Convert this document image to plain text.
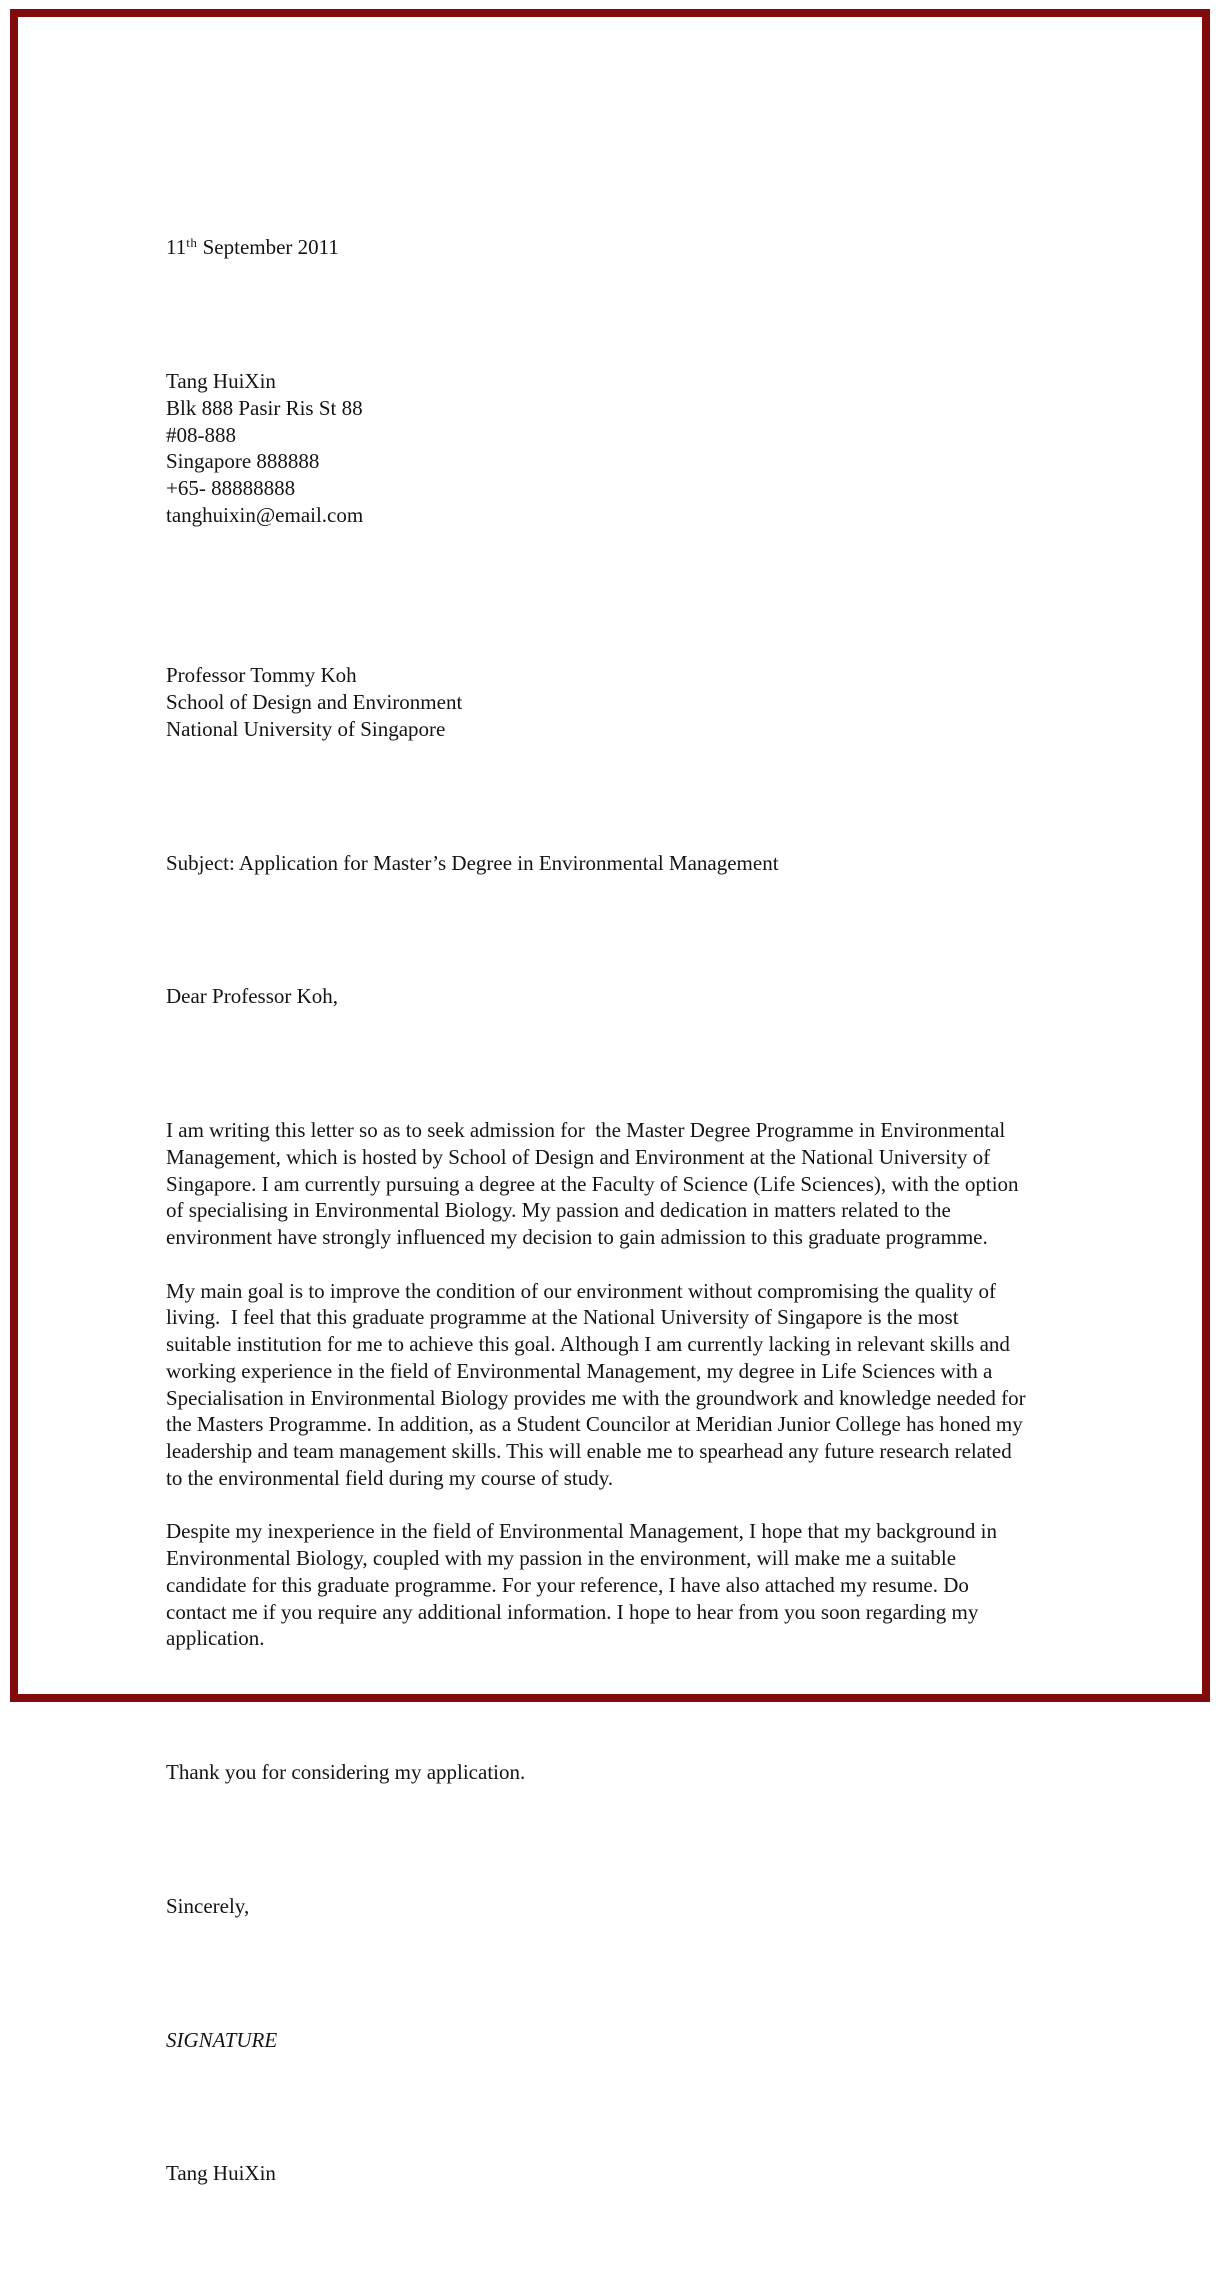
11th September 2011

Tang HuiXin
Blk 888 Pasir Ris St 88
#08-888
Singapore 888888
+65- 88888888
tanghuixin@email.com

Professor Tommy Koh
School of Design and Environment
National University of Singapore

Subject: Application for Master’s Degree in Environmental Management

Dear Professor Koh,

I am writing this letter so as to seek admission for  the Master Degree Programme in Environmental
Management, which is hosted by School of Design and Environment at the National University of
Singapore. I am currently pursuing a degree at the Faculty of Science (Life Sciences), with the option
of specialising in Environmental Biology. My passion and dedication in matters related to the
environment have strongly influenced my decision to gain admission to this graduate programme.
My main goal is to improve the condition of our environment without compromising the quality of
living.  I feel that this graduate programme at the National University of Singapore is the most
suitable institution for me to achieve this goal. Although I am currently lacking in relevant skills and
working experience in the field of Environmental Management, my degree in Life Sciences with a
Specialisation in Environmental Biology provides me with the groundwork and knowledge needed for
the Masters Programme. In addition, as a Student Councilor at Meridian Junior College has honed my
leadership and team management skills. This will enable me to spearhead any future research related
to the environmental field during my course of study.
Despite my inexperience in the field of Environmental Management, I hope that my background in
Environmental Biology, coupled with my passion in the environment, will make me a suitable
candidate for this graduate programme. For your reference, I have also attached my resume. Do
contact me if you require any additional information. I hope to hear from you soon regarding my
application.

Thank you for considering my application.

Sincerely,

SIGNATURE

Tang HuiXin
